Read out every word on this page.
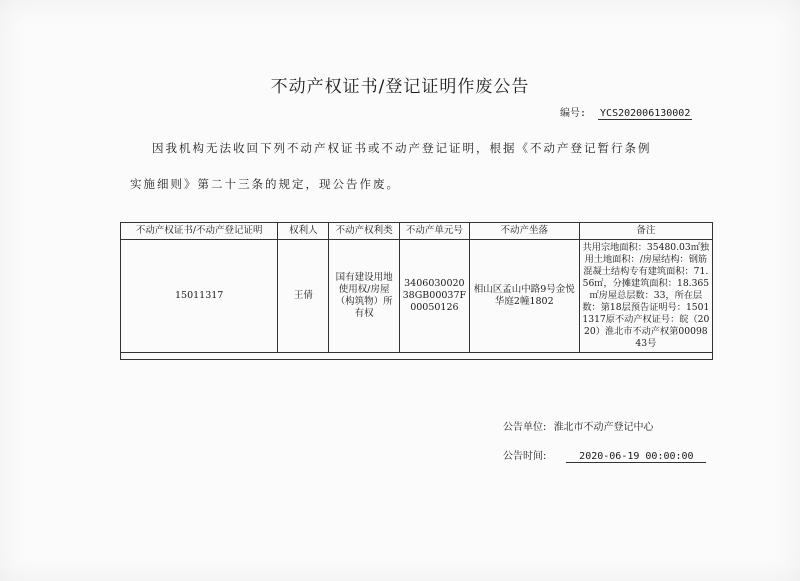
不动产权证书/登记证明作废公告
编号: YCS202006130002
因我机构无法收回下列不动产权证书或不动产登记证明，根据《不动产登记暂行条例
实施细则》第二十三条的规定，现公告作废。
不动产权证书/不动产登记证明	权利人	不动产权利类	不动产单元号	不动产坐落	备注
15011317	王倩	国有建设用地使用权/房屋（构筑物）所有权	340603002038GB00037F00050126	相山区孟山中路9号金悦华庭2幢1802	共用宗地面积：35480.03㎡独用土地面积：/房屋结构：钢筋混凝土结构专有建筑面积：71.56㎡，分摊建筑面积：18.365㎡房屋总层数：33，所在层数：第18层预告证明号：15011317原不动产权证号：皖（2020）淮北市不动产权第0009843号

公告单位: 淮北市不动产登记中心
公告时间:	2020-06-19 00:00:00
